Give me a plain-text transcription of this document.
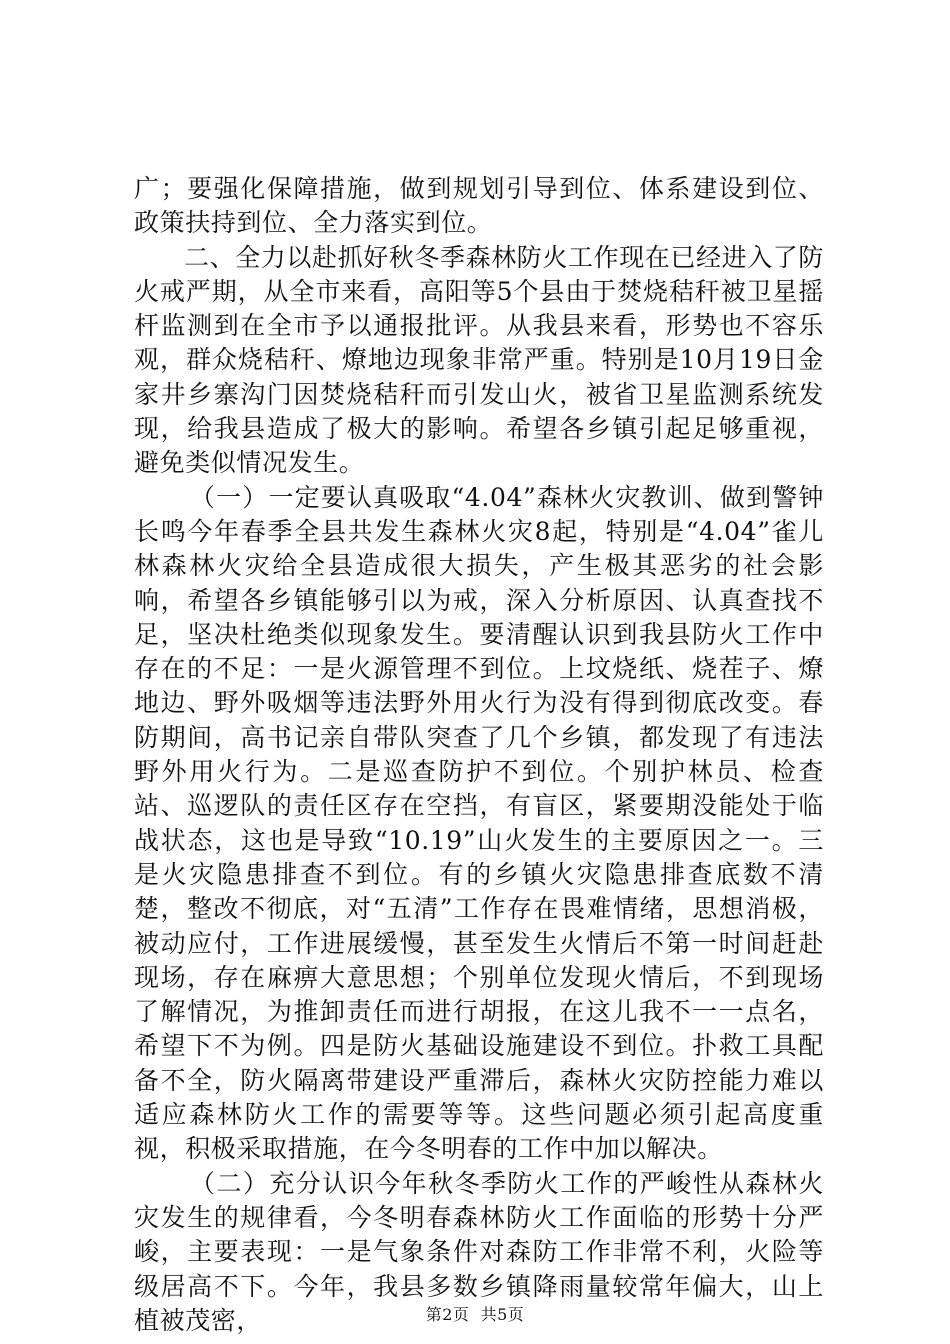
广；要强化保障措施，做到规划引导到位、体系建设到位、政策扶持到位、全力落实到位。

二、全力以赴抓好秋冬季森林防火工作现在已经进入了防火戒严期，从全市来看，高阳等5个县由于焚烧秸秆被卫星摇杆监测到在全市予以通报批评。从我县来看，形势也不容乐观，群众烧秸秆、燎地边现象非常严重。特别是10月19日金家井乡寨沟门因焚烧秸秆而引发山火，被省卫星监测系统发现，给我县造成了极大的影响。希望各乡镇引起足够重视，避免类似情况发生。

（一）一定要认真吸取“4.04”森林火灾教训、做到警钟长鸣今年春季全县共发生森林火灾8起，特别是“4.04”雀儿林森林火灾给全县造成很大损失，产生极其恶劣的社会影响，希望各乡镇能够引以为戒，深入分析原因、认真查找不足，坚决杜绝类似现象发生。要清醒认识到我县防火工作中存在的不足：一是火源管理不到位。上坟烧纸、烧茬子、燎地边、野外吸烟等违法野外用火行为没有得到彻底改变。春防期间，高书记亲自带队突查了几个乡镇，都发现了有违法野外用火行为。二是巡查防护不到位。个别护林员、检查站、巡逻队的责任区存在空挡，有盲区，紧要期没能处于临战状态，这也是导致“10.19”山火发生的主要原因之一。三是火灾隐患排查不到位。有的乡镇火灾隐患排查底数不清楚，整改不彻底，对“五清”工作存在畏难情绪，思想消极，被动应付，工作进展缓慢，甚至发生火情后不第一时间赶赴现场，存在麻痹大意思想；个别单位发现火情后，不到现场了解情况，为推卸责任而进行胡报，在这儿我不一一点名，希望下不为例。四是防火基础设施建设不到位。扑救工具配备不全，防火隔离带建设严重滞后，森林火灾防控能力难以适应森林防火工作的需要等等。这些问题必须引起高度重视，积极采取措施，在今冬明春的工作中加以解决。

（二）充分认识今年秋冬季防火工作的严峻性从森林火灾发生的规律看，今冬明春森林防火工作面临的形势十分严峻，主要表现：一是气象条件对森防工作非常不利，火险等级居高不下。今年，我县多数乡镇降雨量较常年偏大，山上植被茂密，	第2页  共5页
